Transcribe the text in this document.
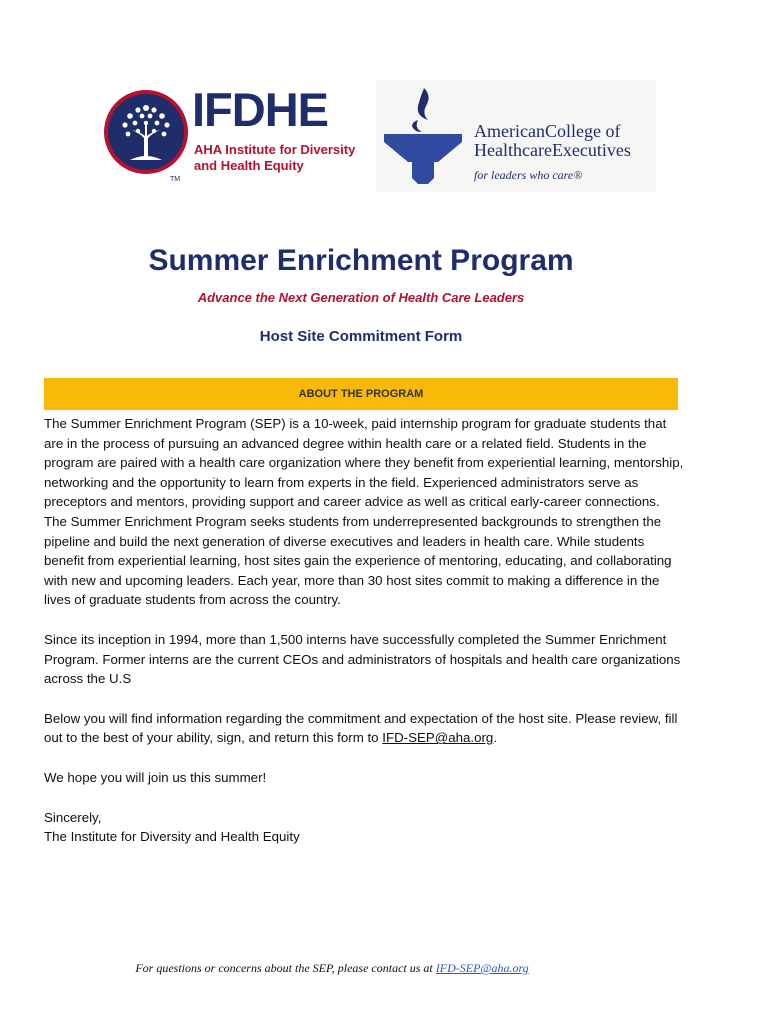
TM
IFDHE
AHA Institute for Diversity
and Health Equity
AmericanCollege of
HealthcareExecutives
for leaders who care®
Summer Enrichment Program
Advance the Next Generation of Health Care Leaders
Host Site Commitment Form
ABOUT THE PROGRAM

The Summer Enrichment Program (SEP) is a 10-week, paid internship program for graduate students that are in the process of pursuing an advanced degree within health care or a related field. Students in the program are paired with a health care organization where they benefit from experiential learning, mentorship, networking and the opportunity to learn from experts in the field. Experienced administrators serve as preceptors and mentors, providing support and career advice as well as critical early-career connections. The Summer Enrichment Program seeks students from underrepresented backgrounds to strengthen the pipeline and build the next generation of diverse executives and leaders in health care. While students benefit from experiential learning, host sites gain the experience of mentoring, educating, and collaborating with new and upcoming leaders. Each year, more than 30 host sites commit to making a difference in the lives of graduate students from across the country.

Since its inception in 1994, more than 1,500 interns have successfully completed the Summer Enrichment Program. Former interns are the current CEOs and administrators of hospitals and health care organizations across the U.S

Below you will find information regarding the commitment and expectation of the host site. Please review, fill out to the best of your ability, sign, and return this form to IFD-SEP@aha.org.

We hope you will join us this summer!

Sincerely,

The Institute for Diversity and Health Equity

For questions or concerns about the SEP, please contact us at IFD-SEP@aha.org
